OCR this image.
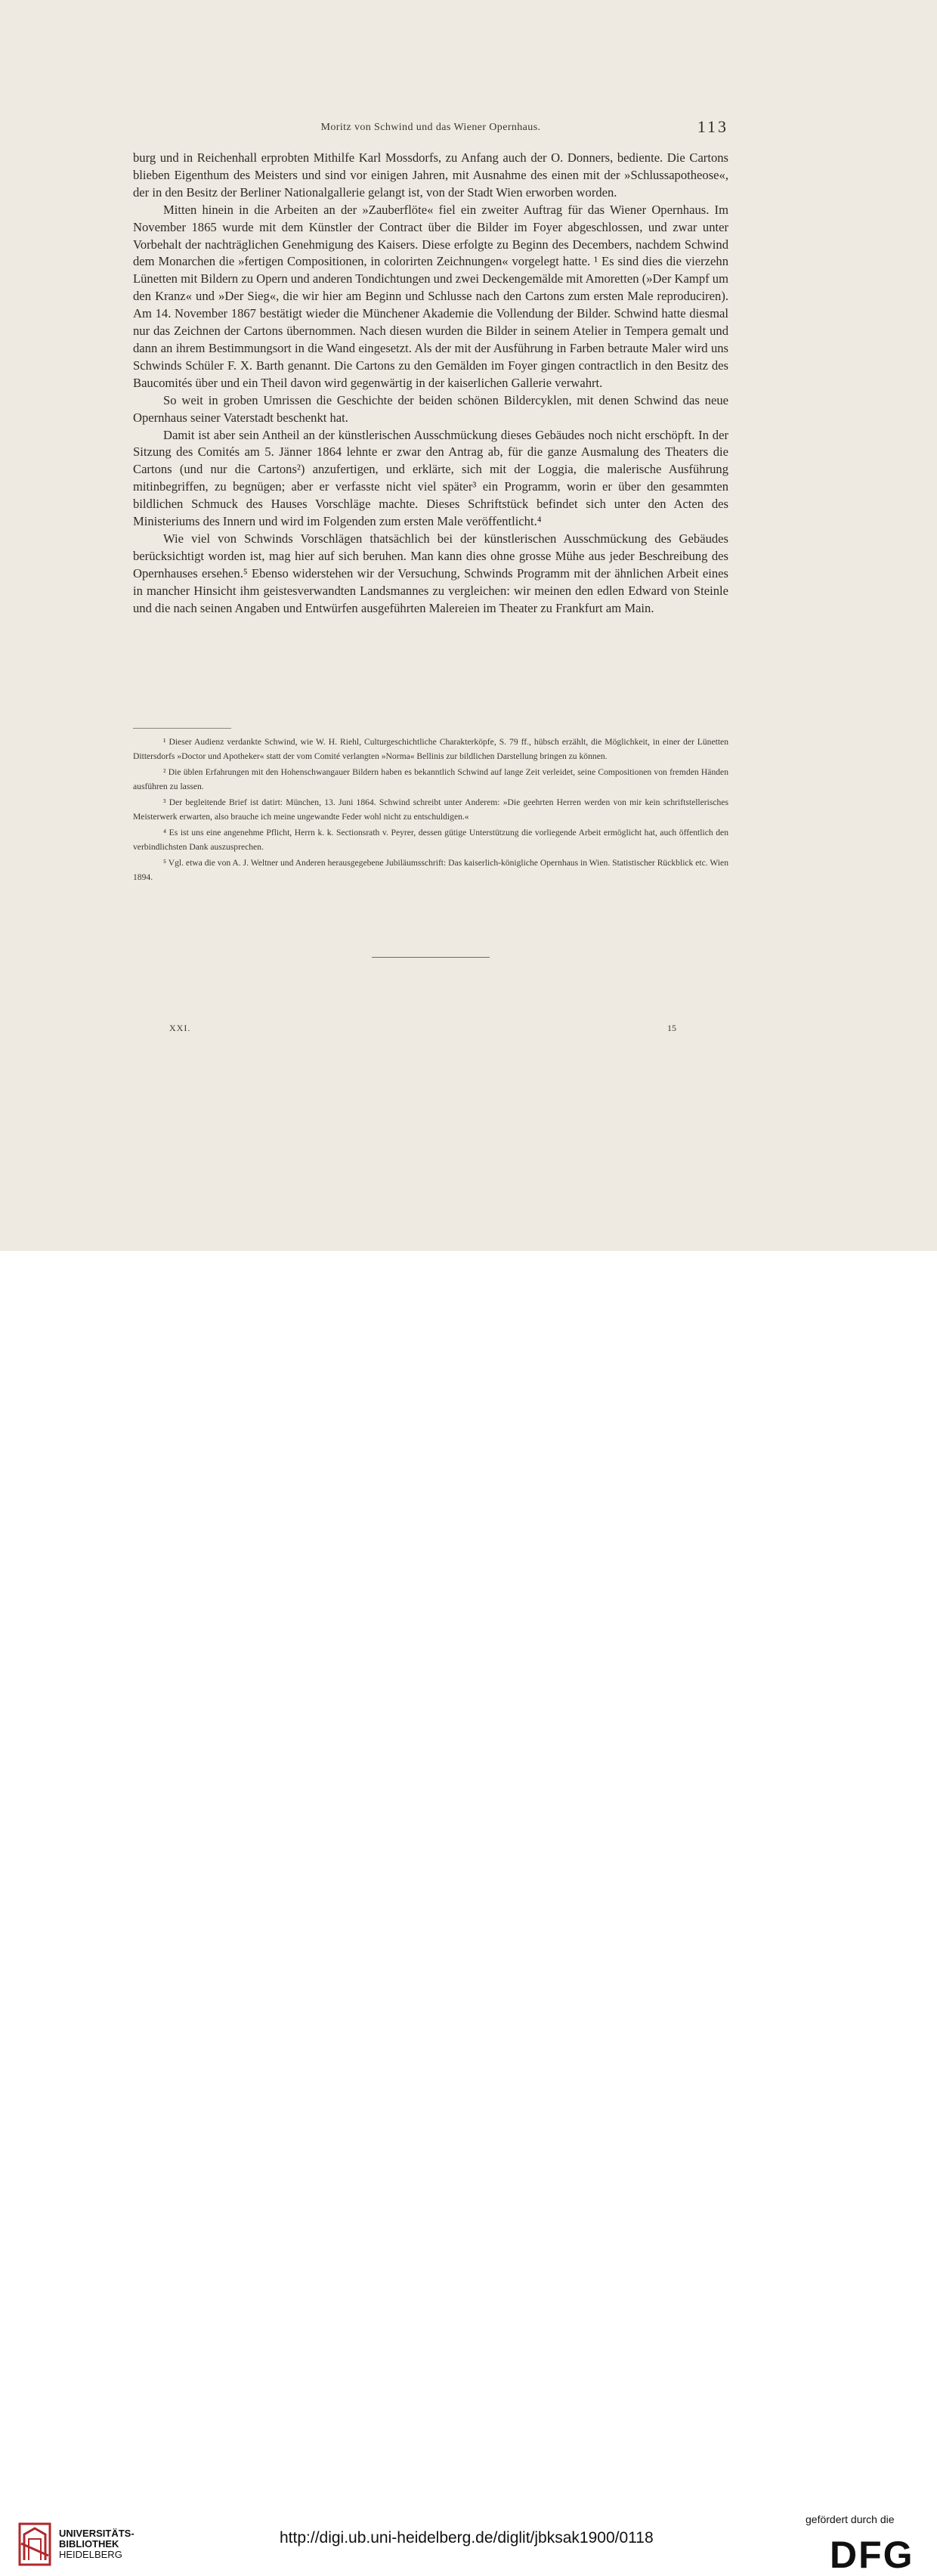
Moritz von Schwind und das Wiener Opernhaus.	113

burg und in Reichenhall erprobten Mithilfe Karl Mossdorfs, zu Anfang auch der O. Donners, bediente. Die Cartons blieben Eigenthum des Meisters und sind vor einigen Jahren, mit Ausnahme des einen mit der »Schlussapotheose«, der in den Besitz der Berliner Nationalgallerie gelangt ist, von der Stadt Wien erworben worden.

Mitten hinein in die Arbeiten an der »Zauberflöte« fiel ein zweiter Auftrag für das Wiener Opernhaus. Im November 1865 wurde mit dem Künstler der Contract über die Bilder im Foyer abgeschlossen, und zwar unter Vorbehalt der nachträglichen Genehmigung des Kaisers. Diese erfolgte zu Beginn des Decembers, nachdem Schwind dem Monarchen die »fertigen Compositionen, in colorirten Zeichnungen« vorgelegt hatte. ¹ Es sind dies die vierzehn Lünetten mit Bildern zu Opern und anderen Tondichtungen und zwei Deckengemälde mit Amoretten (»Der Kampf um den Kranz« und »Der Sieg«, die wir hier am Beginn und Schlusse nach den Cartons zum ersten Male reproduciren). Am 14. November 1867 bestätigt wieder die Münchener Akademie die Vollendung der Bilder. Schwind hatte diesmal nur das Zeichnen der Cartons übernommen. Nach diesen wurden die Bilder in seinem Atelier in Tempera gemalt und dann an ihrem Bestimmungsort in die Wand eingesetzt. Als der mit der Ausführung in Farben betraute Maler wird uns Schwinds Schüler F. X. Barth genannt. Die Cartons zu den Gemälden im Foyer gingen contractlich in den Besitz des Baucomités über und ein Theil davon wird gegenwärtig in der kaiserlichen Gallerie verwahrt.

So weit in groben Umrissen die Geschichte der beiden schönen Bildercyklen, mit denen Schwind das neue Opernhaus seiner Vaterstadt beschenkt hat.

Damit ist aber sein Antheil an der künstlerischen Ausschmückung dieses Gebäudes noch nicht erschöpft. In der Sitzung des Comités am 5. Jänner 1864 lehnte er zwar den Antrag ab, für die ganze Ausmalung des Theaters die Cartons (und nur die Cartons²) anzufertigen, und erklärte, sich mit der Loggia, die malerische Ausführung mitinbegriffen, zu begnügen; aber er verfasste nicht viel später³ ein Programm, worin er über den gesammten bildlichen Schmuck des Hauses Vorschläge machte. Dieses Schriftstück befindet sich unter den Acten des Ministeriums des Innern und wird im Folgenden zum ersten Male veröffentlicht.⁴

Wie viel von Schwinds Vorschlägen thatsächlich bei der künstlerischen Ausschmückung des Gebäudes berücksichtigt worden ist, mag hier auf sich beruhen. Man kann dies ohne grosse Mühe aus jeder Beschreibung des Opernhauses ersehen.⁵ Ebenso widerstehen wir der Versuchung, Schwinds Programm mit der ähnlichen Arbeit eines in mancher Hinsicht ihm geistesverwandten Landsmannes zu vergleichen: wir meinen den edlen Edward von Steinle und die nach seinen Angaben und Entwürfen ausgeführten Malereien im Theater zu Frankfurt am Main.

¹ Dieser Audienz verdankte Schwind, wie W. H. Riehl, Culturgeschichtliche Charakterköpfe, S. 79 ff., hübsch erzählt, die Möglichkeit, in einer der Lünetten Dittersdorfs »Doctor und Apotheker« statt der vom Comité verlangten »Norma« Bellinis zur bildlichen Darstellung bringen zu können.

² Die üblen Erfahrungen mit den Hohenschwangauer Bildern haben es bekanntlich Schwind auf lange Zeit verleidet, seine Compositionen von fremden Händen ausführen zu lassen.

³ Der begleitende Brief ist datirt: München, 13. Juni 1864. Schwind schreibt unter Anderem: »Die geehrten Herren werden von mir kein schriftstellerisches Meisterwerk erwarten, also brauche ich meine ungewandte Feder wohl nicht zu entschuldigen.«

⁴ Es ist uns eine angenehme Pflicht, Herrn k. k. Sectionsrath v. Peyrer, dessen gütige Unterstützung die vorliegende Arbeit ermöglicht hat, auch öffentlich den verbindlichsten Dank auszusprechen.

⁵ Vgl. etwa die von A. J. Weltner und Anderen herausgegebene Jubiläumsschrift: Das kaiserlich-königliche Opernhaus in Wien. Statistischer Rückblick etc. Wien 1894.

XXI.	15
UNIVERSITÄTS-
BIBLIOTHEK
HEIDELBERG
http://digi.ub.uni-heidelberg.de/diglit/jbksak1900/0118
gefördert durch die
DFG
